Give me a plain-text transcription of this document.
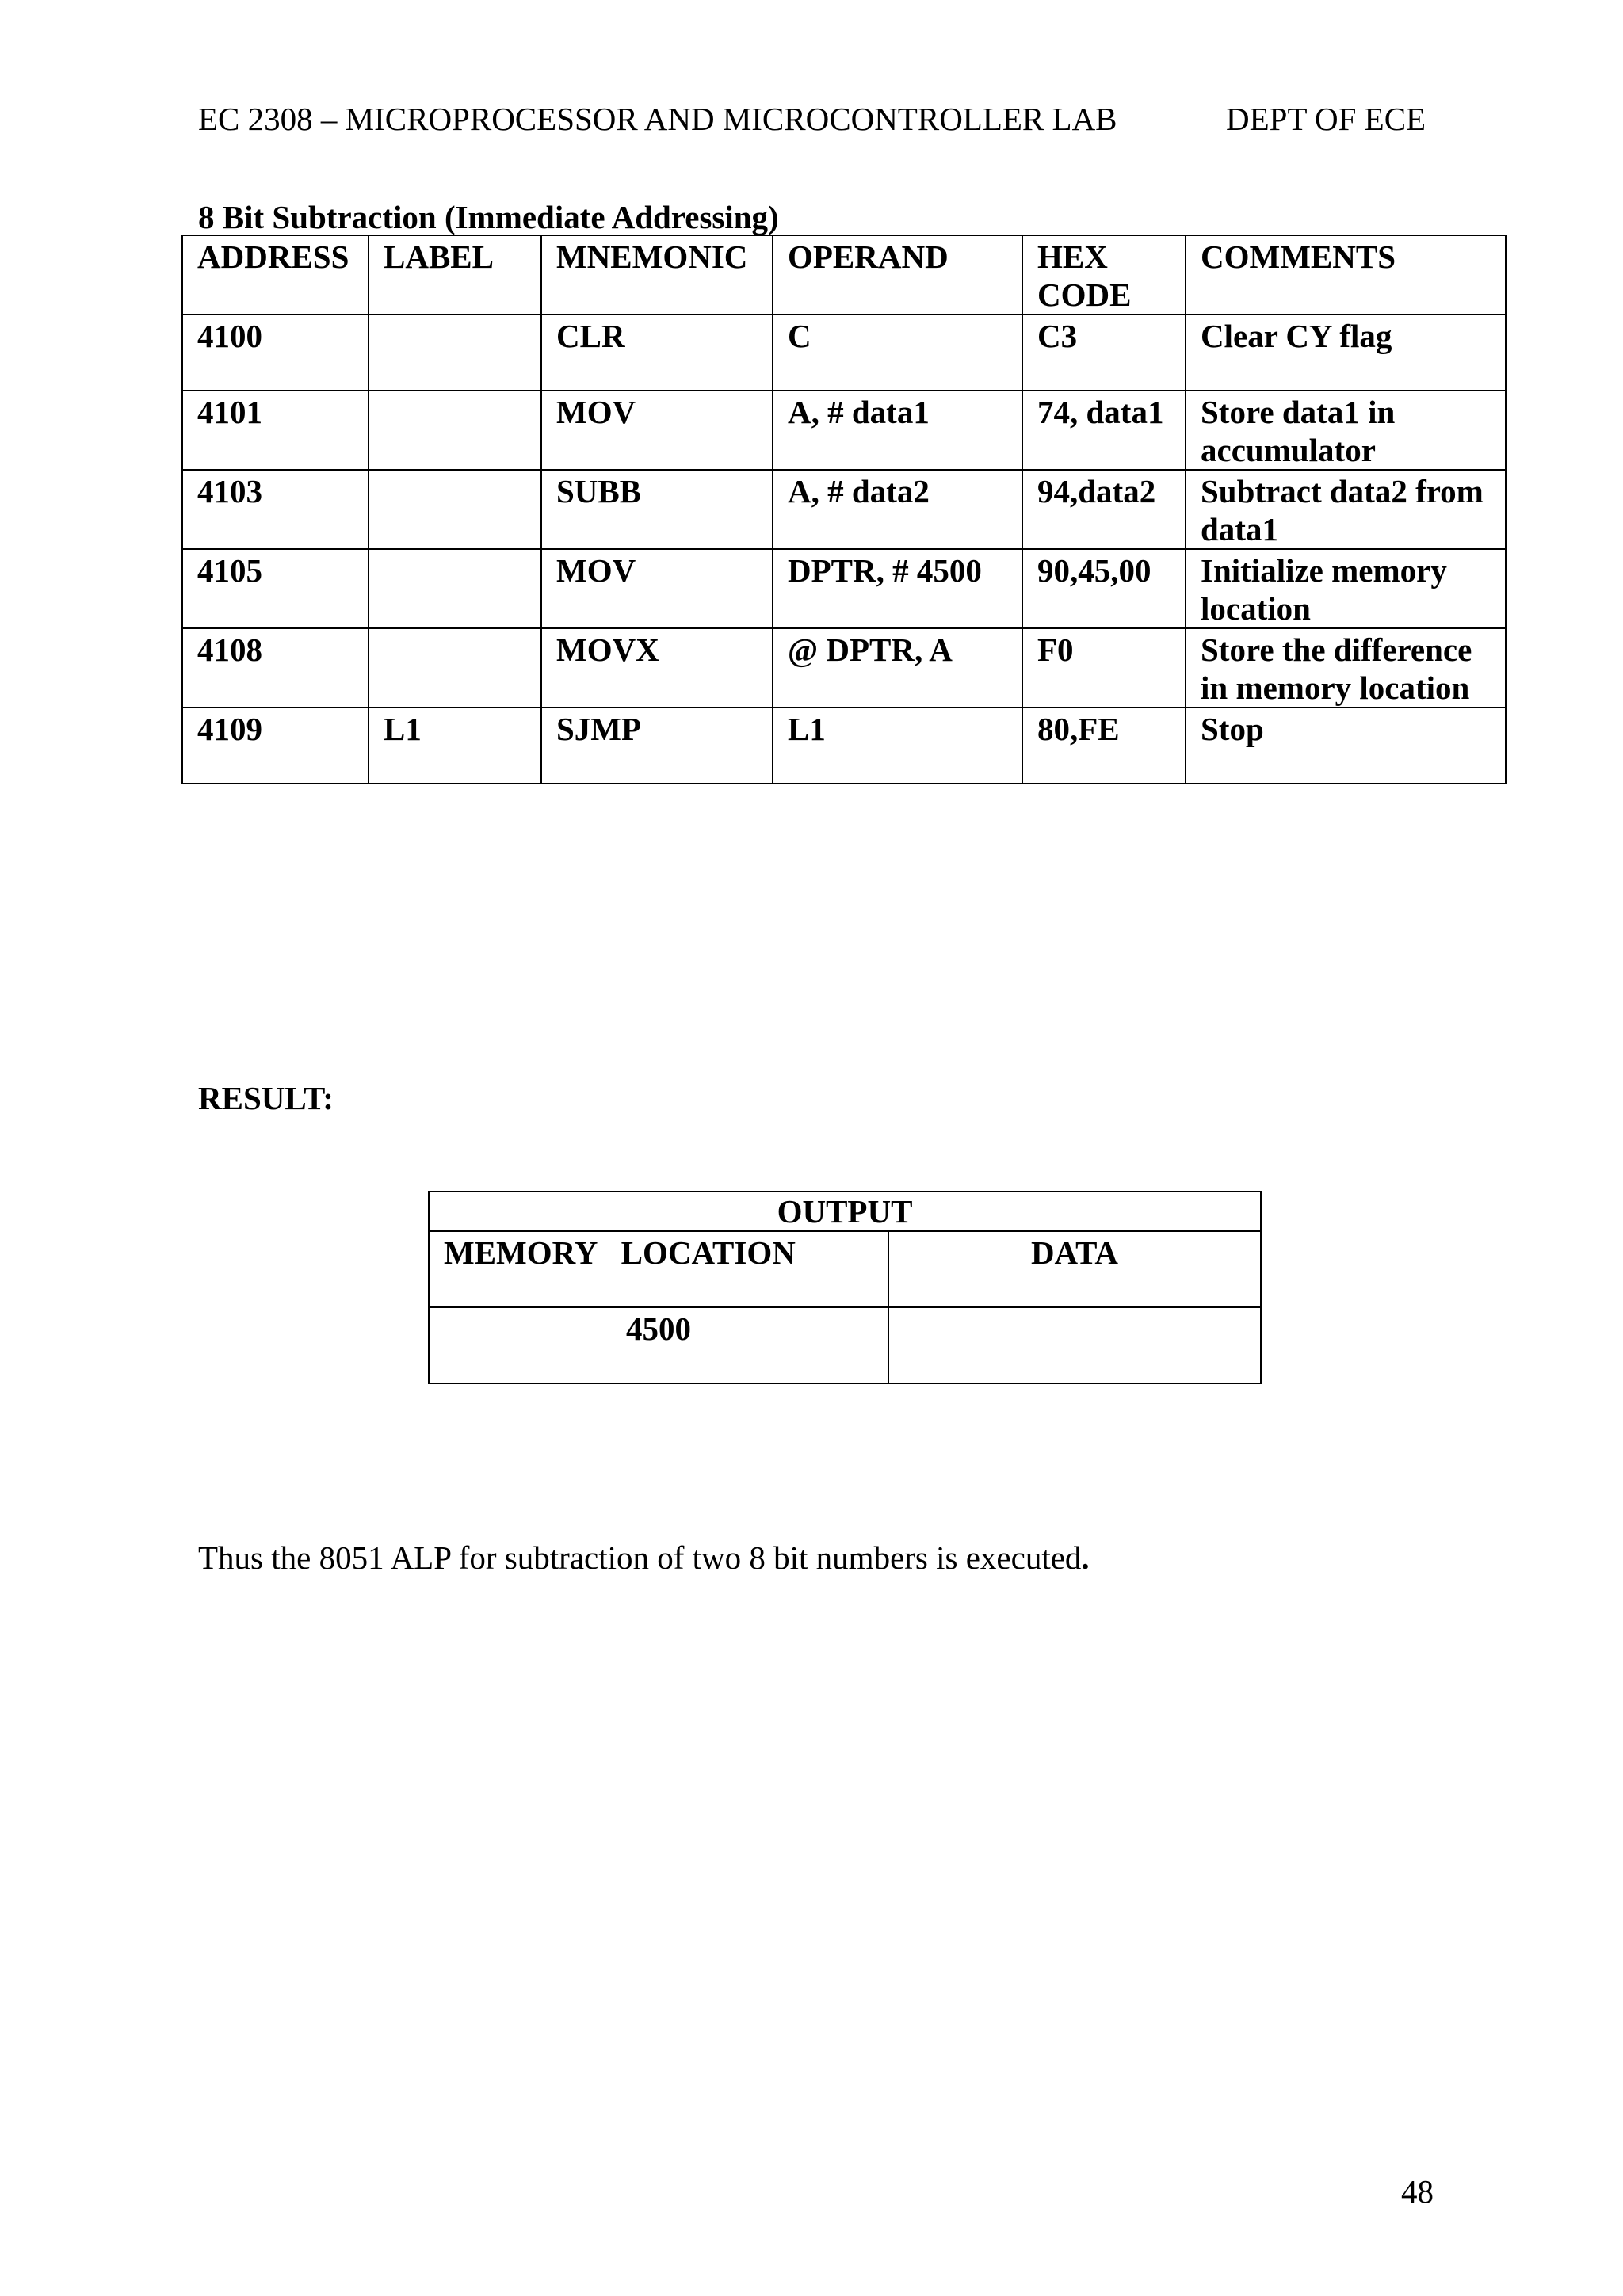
EC 2308 – MICROPROCESSOR AND MICROCONTROLLER LAB	DEPT OF ECE
8 Bit Subtraction (Immediate Addressing)
ADDRESS	LABEL	MNEMONIC	OPERAND	HEX CODE	COMMENTS
4100		CLR	C	C3	Clear CY flag
4101		MOV	A, # data1	74, data1	Store data1 in accumulator
4103		SUBB	A, # data2	94,data2	Subtract data2 from data1
4105		MOV	DPTR, # 4500	90,45,00	Initialize memory location
4108		MOVX	@ DPTR, A	F0	Store the difference in memory location
4109	L1	SJMP	L1	80,FE	Stop
RESULT:
OUTPUT	
MEMORY   LOCATION	DATA
4500	
Thus the 8051 ALP for subtraction of two 8 bit numbers is executed.
48
